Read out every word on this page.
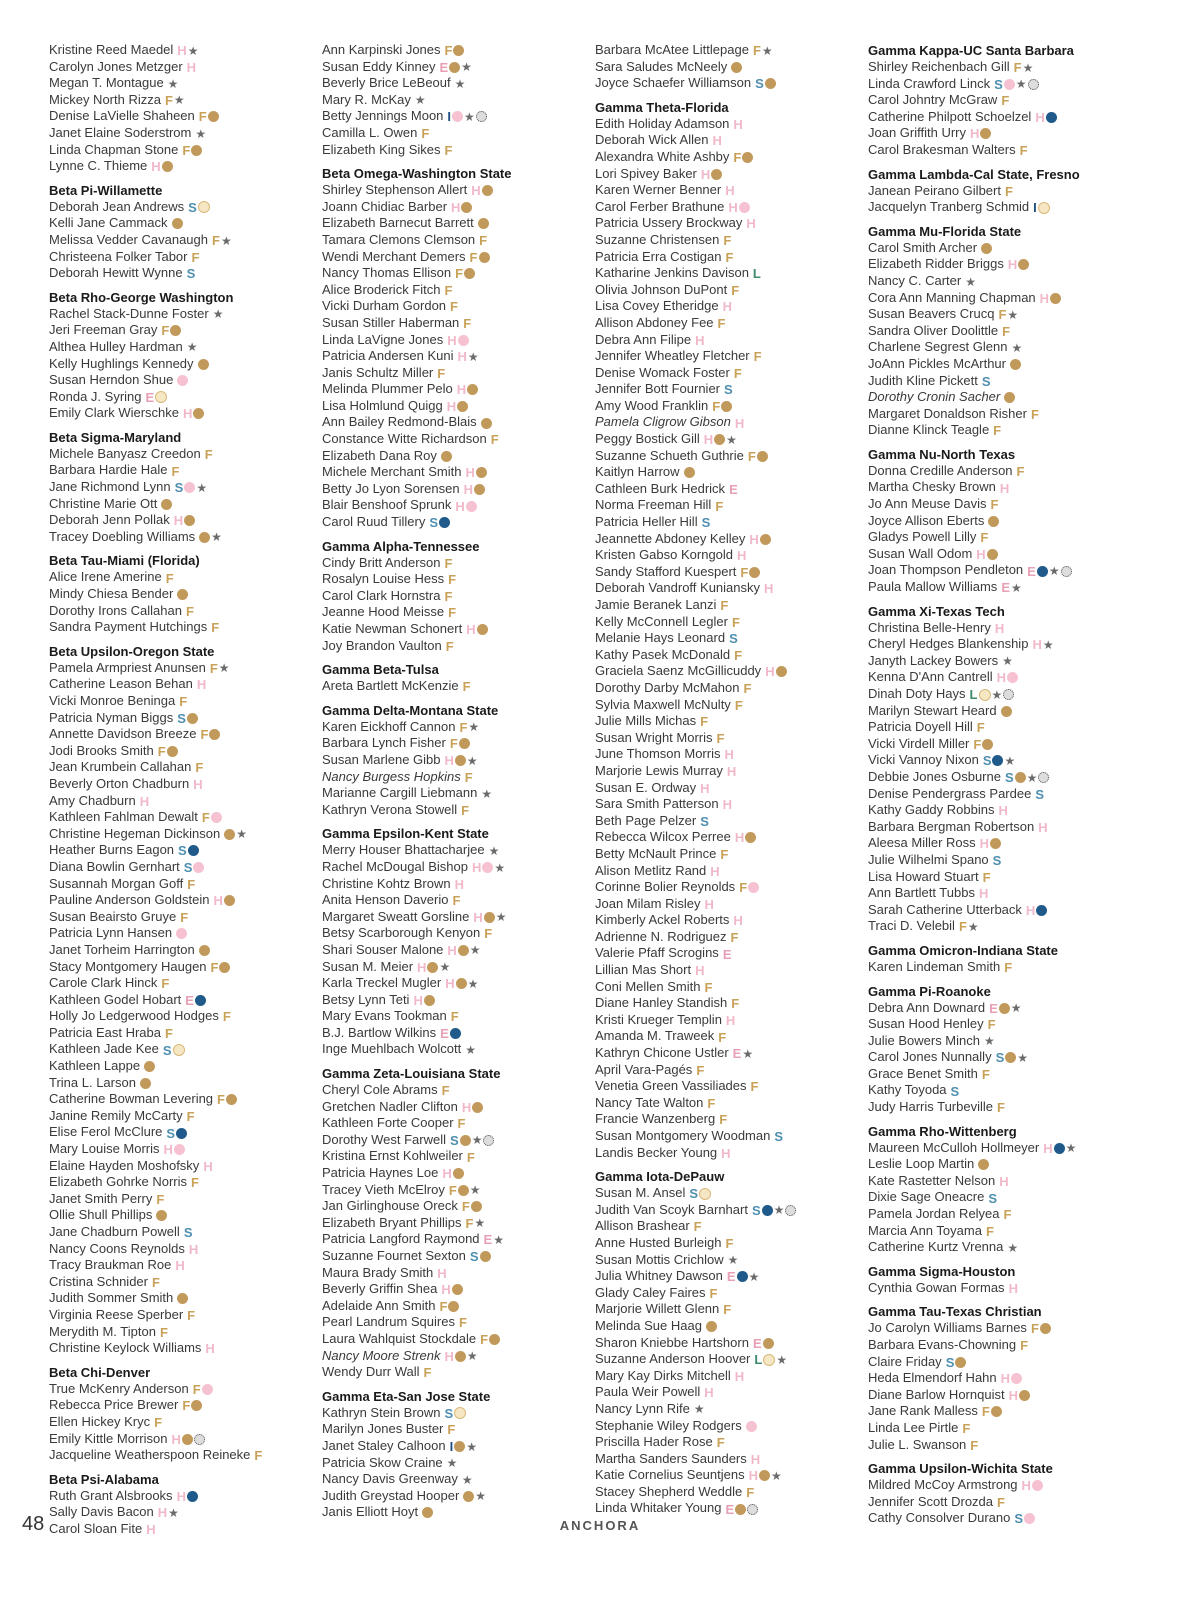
Kristine Reed Maedel H★
Carolyn Jones Metzger H
Megan T. Montague ★
Mickey North Rizza F★
Denise LaVielle Shaheen F
Janet Elaine Soderstrom ★
Linda Chapman Stone F
Lynne C. Thieme H
Beta Pi-Willamette
Deborah Jean Andrews S
Kelli Jane Cammack
Melissa Vedder Cavanaugh F★
Christeena Folker Tabor F
Deborah Hewitt Wynne S
Beta Rho-George Washington
Rachel Stack-Dunne Foster ★
Jeri Freeman Gray F
Althea Hulley Hardman ★
Kelly Hughlings Kennedy
Susan Herndon Shue
Ronda J. Syring E
Emily Clark Wierschke H
Beta Sigma-Maryland
Michele Banyasz Creedon F
Barbara Hardie Hale F
Jane Richmond Lynn S ★
Christine Marie Ott
Deborah Jenn Pollak H
Tracey Doebling Williams ★
Beta Tau-Miami (Florida)
Alice Irene Amerine F
Mindy Chiesa Bender
Dorothy Irons Callahan F
Sandra Payment Hutchings F
Beta Upsilon-Oregon State
Pamela Armpriest Anunsen F★
Catherine Leason Behan H
Vicki Monroe Beninga F
Patricia Nyman Biggs S
Annette Davidson Breeze F
Jodi Brooks Smith F
Jean Krumbein Callahan F
Beverly Orton Chadburn H
Amy Chadburn H
Kathleen Fahlman Dewalt F
Christine Hegeman Dickinson ★
Heather Burns Eagon S
Diana Bowlin Gernhart S
Susannah Morgan Goff F
Pauline Anderson Goldstein H
Susan Beairsto Gruye F
Patricia Lynn Hansen
Janet Torheim Harrington
Stacy Montgomery Haugen F
Carole Clark Hinck F
Kathleen Godel Hobart E
Holly Jo Ledgerwood Hodges F
Patricia East Hraba F
Kathleen Jade Kee S
Kathleen Lappe
Trina L. Larson
Catherine Bowman Levering F
Janine Remily McCarty F
Elise Ferol McClure S
Mary Louise Morris H
Elaine Hayden Moshofsky H
Elizabeth Gohrke Norris F
Janet Smith Perry F
Ollie Shull Phillips
Jane Chadburn Powell S
Nancy Coons Reynolds H
Tracy Braukman Roe H
Cristina Schnider F
Judith Sommer Smith
Virginia Reese Sperber F
Merydith M. Tipton F
Christine Keylock Williams H
Beta Chi-Denver
True McKenry Anderson F
Rebecca Price Brewer F
Ellen Hickey Kryc F
Emily Kittle Morrison H
Jacqueline Weatherspoon Reineke F
Beta Psi-Alabama
Ruth Grant Alsbrooks H
Sally Davis Bacon H★
Carol Sloan Fite H
Ann Karpinski Jones F
Susan Eddy Kinney E ★
Beverly Brice LeBeouf ★
Mary R. McKay ★
Betty Jennings Moon I ★
Camilla L. Owen F
Elizabeth King Sikes F
Beta Omega-Washington State
Shirley Stephenson Allert H
Joann Chidiac Barber H
Elizabeth Barnecut Barrett
Tamara Clemons Clemson F
Wendi Merchant Demers F
Nancy Thomas Ellison F
Alice Broderick Fitch F
Vicki Durham Gordon F
Susan Stiller Haberman F
Linda LaVigne Jones H
Patricia Andersen Kuni H★
Janis Schultz Miller F
Melinda Plummer Pelo H
Lisa Holmlund Quigg H
Ann Bailey Redmond-Blais
Constance Witte Richardson F
Elizabeth Dana Roy
Michele Merchant Smith H
Betty Jo Lyon Sorensen H
Blair Benshoof Sprunk H
Carol Ruud Tillery S
Gamma Alpha-Tennessee
Cindy Britt Anderson F
Rosalyn Louise Hess F
Carol Clark Hornstra F
Jeanne Hood Meisse F
Katie Newman Schonert H
Joy Brandon Vaulton F
Gamma Beta-Tulsa
Areta Bartlett McKenzie F
Gamma Delta-Montana State
Karen Eickhoff Cannon F★
Barbara Lynch Fisher F
Susan Marlene Gibb H ★
Nancy Burgess Hopkins F
Marianne Cargill Liebmann ★
Kathryn Verona Stowell F
Gamma Epsilon-Kent State
Merry Houser Bhattacharjee ★
Rachel McDougal Bishop H ★
Christine Kohtz Brown H
Anita Henson Daverio F
Margaret Sweatt Gorsline H ★
Betsy Scarborough Kenyon F
Shari Souser Malone H ★
Susan M. Meier H ★
Karla Treckel Mugler H ★
Betsy Lynn Teti H
Mary Evans Tookman F
B.J. Bartlow Wilkins E
Inge Muehlbach Wolcott ★
Gamma Zeta-Louisiana State
Cheryl Cole Abrams F
Gretchen Nadler Clifton H
Kathleen Forte Cooper F
Dorothy West Farwell S ★
Kristina Ernst Kohlweiler F
Patricia Haynes Loe H
Tracey Vieth McElroy F ★
Jan Girlinghouse Oreck F
Elizabeth Bryant Phillips F★
Patricia Langford Raymond E★
Suzanne Fournet Sexton S
Maura Brady Smith H
Beverly Griffin Shea H
Adelaide Ann Smith F
Pearl Landrum Squires F
Laura Wahlquist Stockdale F
Nancy Moore Strenk H ★
Wendy Durr Wall F
Gamma Eta-San Jose State
Kathryn Stein Brown S
Marilyn Jones Buster F
Janet Staley Calhoon I ★
Patricia Skow Craine ★
Nancy Davis Greenway ★
Judith Greystad Hooper ★
Janis Elliott Hoyt
Barbara McAtee Littlepage F★
Sara Saludes McNeely
Joyce Schaefer Williamson S
Gamma Theta-Florida
Edith Holiday Adamson H
Deborah Wick Allen H
Alexandra White Ashby F
Lori Spivey Baker H
Karen Werner Benner H
Carol Ferber Brathune H
Patricia Ussery Brockway H
Suzanne Christensen F
Patricia Erra Costigan F
Katharine Jenkins Davison L
Olivia Johnson DuPont F
Lisa Covey Etheridge H
Allison Abdoney Fee F
Debra Ann Filipe H
Jennifer Wheatley Fletcher F
Denise Womack Foster F
Jennifer Bott Fournier S
Amy Wood Franklin F
Pamela Cligrow Gibson H
Peggy Bostick Gill H ★
Suzanne Schueth Guthrie F
Kaitlyn Harrow
Cathleen Burk Hedrick E
Norma Freeman Hill F
Patricia Heller Hill S
Jeannette Abdoney Kelley H
Kristen Gabso Korngold H
Sandy Stafford Kuespert F
Deborah Vandroff Kuniansky H
Jamie Beranek Lanzi F
Kelly McConnell Legler F
Melanie Hays Leonard S
Kathy Pasek McDonald F
Graciela Saenz McGillicuddy H
Dorothy Darby McMahon F
Sylvia Maxwell McNulty F
Julie Mills Michas F
Susan Wright Morris F
June Thomson Morris H
Marjorie Lewis Murray H
Susan E. Ordway H
Sara Smith Patterson H
Beth Page Pelzer S
Rebecca Wilcox Perree H
Betty McNault Prince F
Alison Metlitz Rand H
Corinne Bolier Reynolds F
Joan Milam Risley H
Kimberly Ackel Roberts H
Adrienne N. Rodriguez F
Valerie Pfaff Scrogins E
Lillian Mas Short H
Coni Mellen Smith F
Diane Hanley Standish F
Kristi Krueger Templin H
Amanda M. Traweek F
Kathryn Chicone Ustler E★
April Vara-Pagés F
Venetia Green Vassiliades F
Nancy Tate Walton F
Francie Wanzenberg F
Susan Montgomery Woodman S
Landis Becker Young H
Gamma Iota-DePauw
Susan M. Ansel S
Judith Van Scoyk Barnhart S ★
Allison Brashear F
Anne Husted Burleigh F
Susan Mottis Crichlow ★
Julia Whitney Dawson E ★
Glady Caley Faires F
Marjorie Willett Glenn F
Melinda Sue Haag
Sharon Kniebbe Hartshorn E
Suzanne Anderson Hoover L ★
Mary Kay Dirks Mitchell H
Paula Weir Powell H
Nancy Lynn Rife ★
Stephanie Wiley Rodgers
Priscilla Hader Rose F
Martha Sanders Saunders H
Katie Cornelius Seuntjens H ★
Stacey Shepherd Weddle F
Linda Whitaker Young E
Gamma Kappa-UC Santa Barbara
Shirley Reichenbach Gill F★
Linda Crawford Linck S ★
Carol Johntry McGraw F
Catherine Philpott Schoelzel H
Joan Griffith Urry H
Carol Brakesman Walters F
Gamma Lambda-Cal State, Fresno
Janean Peirano Gilbert F
Jacquelyn Tranberg Schmid I
Gamma Mu-Florida State
Carol Smith Archer
Elizabeth Ridder Briggs H
Nancy C. Carter ★
Cora Ann Manning Chapman H
Susan Beavers Crucq F★
Sandra Oliver Doolittle F
Charlene Segrest Glenn ★
JoAnn Pickles McArthur
Judith Kline Pickett S
Dorothy Cronin Sacher
Margaret Donaldson Risher F
Dianne Klinck Teagle F
Gamma Nu-North Texas
Donna Credille Anderson F
Martha Chesky Brown H
Jo Ann Meuse Davis F
Joyce Allison Eberts
Gladys Powell Lilly F
Susan Wall Odom H
Joan Thompson Pendleton E ★
Paula Mallow Williams E★
Gamma Xi-Texas Tech
Christina Belle-Henry H
Cheryl Hedges Blankenship H★
Janyth Lackey Bowers ★
Kenna D'Ann Cantrell H
Dinah Doty Hays L ★
Marilyn Stewart Heard
Patricia Doyell Hill F
Vicki Virdell Miller F
Vicki Vannoy Nixon S ★
Debbie Jones Osburne S ★
Denise Pendergrass Pardee S
Kathy Gaddy Robbins H
Barbara Bergman Robertson H
Aleesa Miller Ross H
Julie Wilhelmi Spano S
Lisa Howard Stuart F
Ann Bartlett Tubbs H
Sarah Catherine Utterback H
Traci D. Velebil F★
Gamma Omicron-Indiana State
Karen Lindeman Smith F
Gamma Pi-Roanoke
Debra Ann Downard E ★
Susan Hood Henley F
Julie Bowers Minch ★
Carol Jones Nunnally S ★
Grace Benet Smith F
Kathy Toyoda S
Judy Harris Turbeville F
Gamma Rho-Wittenberg
Maureen McCulloh Hollmeyer H ★
Leslie Loop Martin
Kate Rastetter Nelson H
Dixie Sage Oneacre S
Pamela Jordan Relyea F
Marcia Ann Toyama F
Catherine Kurtz Vrenna ★
Gamma Sigma-Houston
Cynthia Gowan Formas H
Gamma Tau-Texas Christian
Jo Carolyn Williams Barnes F
Barbara Evans-Chowning F
Claire Friday S
Heda Elmendorf Hahn H
Diane Barlow Hornquist H
Jane Rank Malless F
Linda Lee Pirtle F
Julie L. Swanson F
Gamma Upsilon-Wichita State
Mildred McCoy Armstrong H
Jennifer Scott Drozda F
Cathy Consolver Durano S
48	ANCHORA
